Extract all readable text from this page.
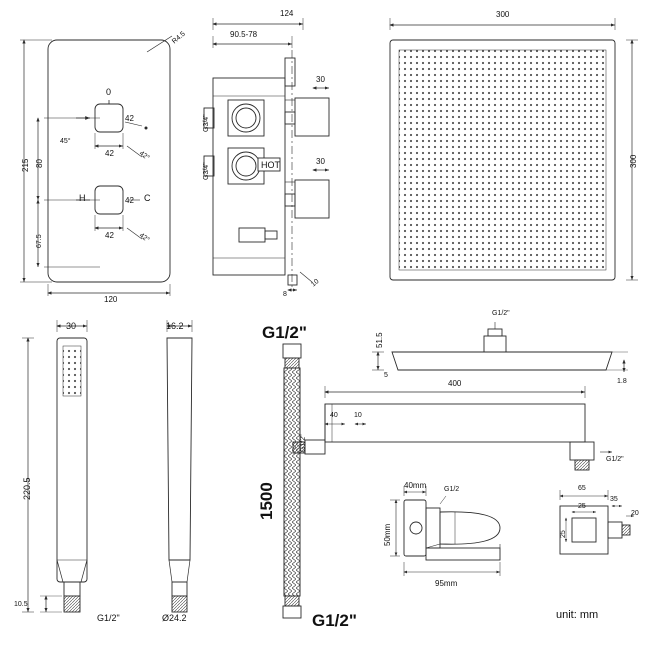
215 80
67.5
120
42
42
42
42
42°
42°
45°
R4.5
0
H	C
124
90.5-78
30
30
G3/4"
G3/4"	HOT
8
10
300
300
51.5
1.8
5
G1/2"
30
220.5
10.5
G1/2"
16.2
Ø24.2
G1/2"
1500
G1/2"
400
40 10
G1/2"
G1/2"
40mm
50mm
95mm
G1/2	65
25
25
35
20
unit: mm
